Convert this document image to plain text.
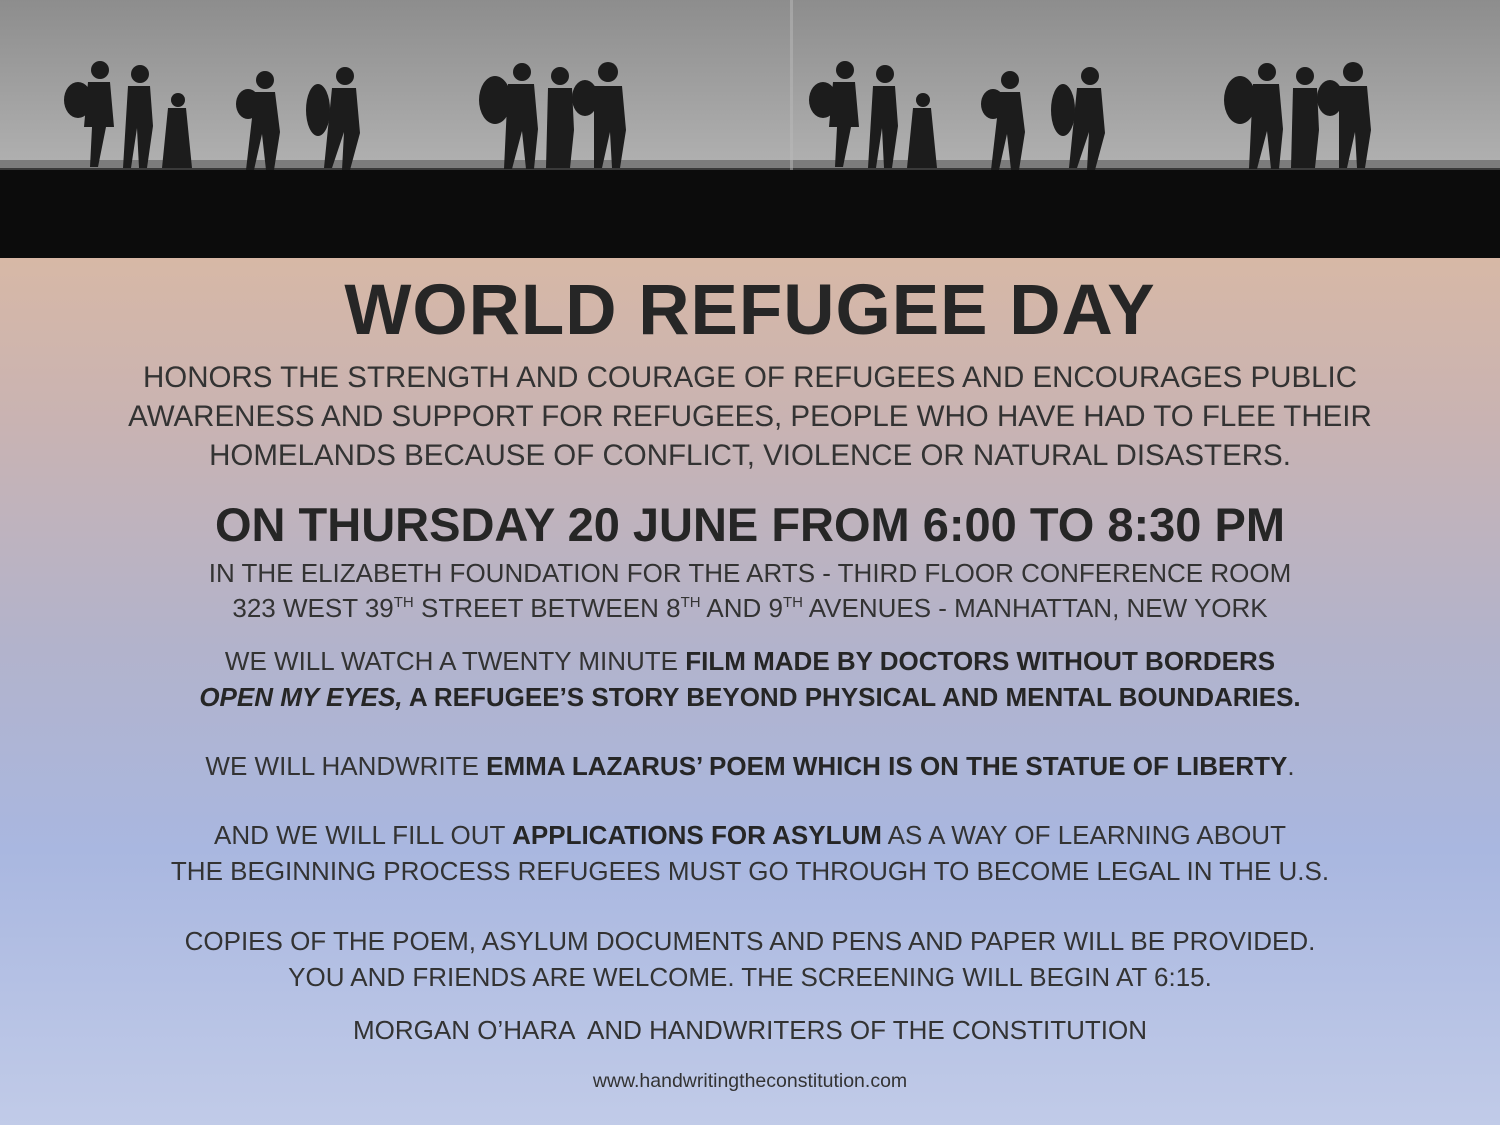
WORLD REFUGEE DAY
HONORS THE STRENGTH AND COURAGE OF REFUGEES AND ENCOURAGES PUBLIC
AWARENESS AND SUPPORT FOR REFUGEES, PEOPLE WHO HAVE HAD TO FLEE THEIR
HOMELANDS BECAUSE OF CONFLICT, VIOLENCE OR NATURAL DISASTERS.
ON THURSDAY 20 JUNE FROM 6:00 TO 8:30 PM
IN THE ELIZABETH FOUNDATION FOR THE ARTS - THIRD FLOOR CONFERENCE ROOM
323 WEST 39TH STREET BETWEEN 8TH AND 9TH AVENUES - MANHATTAN, NEW YORK
WE WILL WATCH A TWENTY MINUTE FILM MADE BY DOCTORS WITHOUT BORDERS
OPEN MY EYES, A REFUGEE’S STORY BEYOND PHYSICAL AND MENTAL BOUNDARIES.
WE WILL HANDWRITE EMMA LAZARUS’ POEM WHICH IS ON THE STATUE OF LIBERTY.
AND WE WILL FILL OUT APPLICATIONS FOR ASYLUM AS A WAY OF LEARNING ABOUT
THE BEGINNING PROCESS REFUGEES MUST GO THROUGH TO BECOME LEGAL IN THE U.S.
COPIES OF THE POEM, ASYLUM DOCUMENTS AND PENS AND PAPER WILL BE PROVIDED.
YOU AND FRIENDS ARE WELCOME. THE SCREENING WILL BEGIN AT 6:15.
MORGAN O’HARA  AND HANDWRITERS OF THE CONSTITUTION
www.handwritingtheconstitution.com
